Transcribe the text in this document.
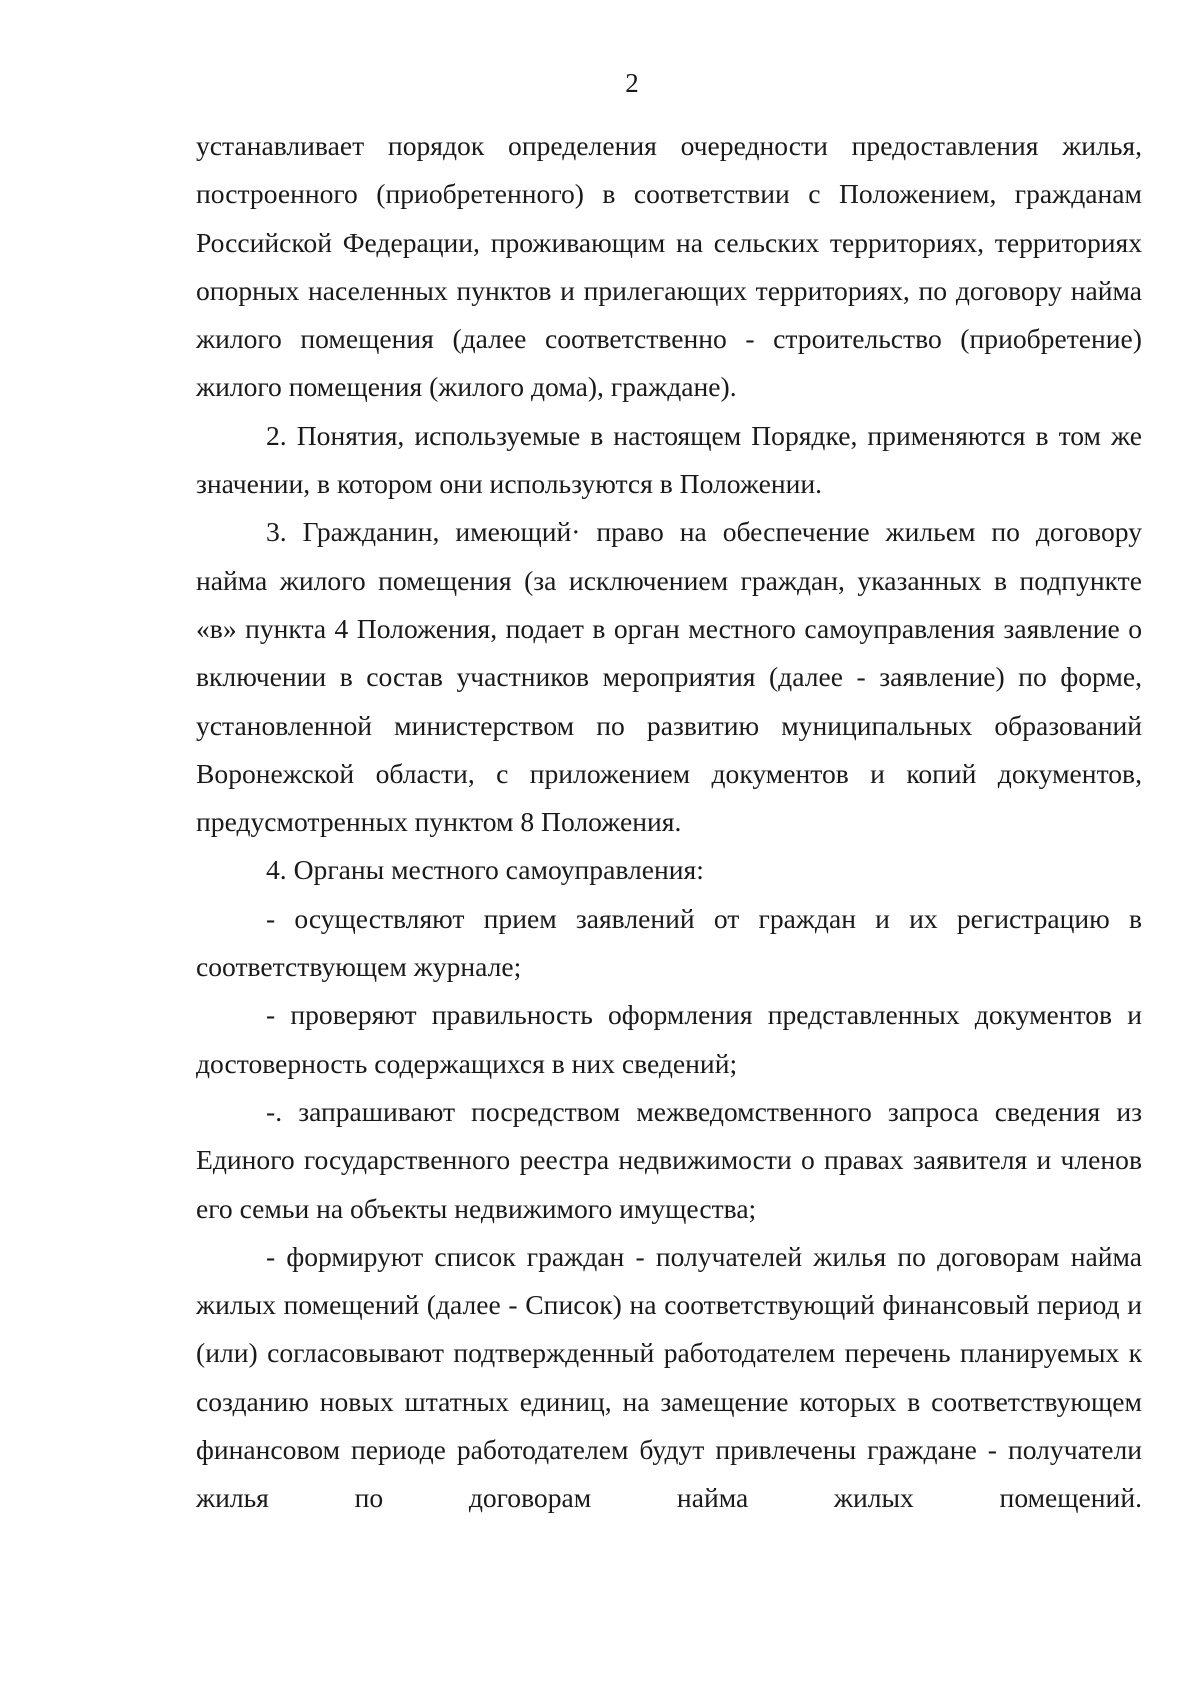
2

устанавливает порядок определения очередности предоставления жилья, построенного (приобретенного) в соответствии с Положением, гражданам Российской Федерации, проживающим на сельских территориях, территориях опорных населенных пунктов и прилегающих территориях, по договору найма жилого помещения (далее соответственно - строительство (приобретение) жилого помещения (жилого дома), граждане).

2. Понятия, используемые в настоящем Порядке, применяются в том же значении, в котором они используются в Положении.

3. Гражданин, имеющий· право на обеспечение жильем по договору найма жилого помещения (за исключением граждан, указанных в подпункте «в» пункта 4 Положения, подает в орган местного самоуправления заявление о включении в состав участников мероприятия (далее - заявление) по форме, установленной министерством по развитию муниципальных образований Воронежской области, с приложением документов и копий документов, предусмотренных пунктом 8 Положения.

4. Органы местного самоуправления:

- осуществляют прием заявлений от граждан и их регистрацию в соответствующем журнале;

- проверяют правильность оформления представленных документов и достоверность содержащихся в них сведений;

-. запрашивают посредством межведомственного запроса сведения из Единого государственного реестра недвижимости о правах заявителя и членов его семьи на объекты недвижимого имущества;

- формируют список граждан - получателей жилья по договорам найма жилых помещений (далее - Список) на соответствующий финансовый период и (или) согласовывают подтвержденный работодателем перечень планируемых к созданию новых штатных единиц, на замещение которых в соответствующем финансовом периоде работодателем будут привлечены граждане - получатели жилья по договорам найма жилых помещений.
